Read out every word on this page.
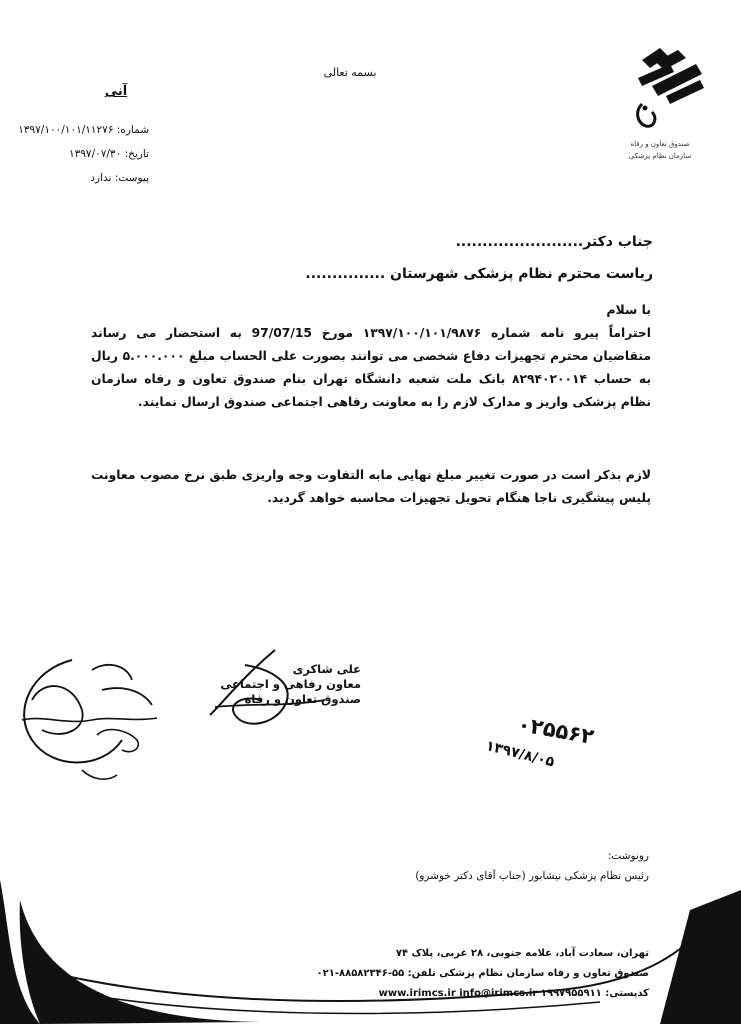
بسمه تعالی
صندوق تعاون و رفاه
سازمان نظام پزشکی
آنی
شماره: ۱۳۹۷/۱۰۰/۱۰۱/۱۱۲۷۶
تاریخ: ۱۳۹۷/۰۷/۳۰
پیوست: ندارد
جناب دکتر........................
ریاست محترم نظام پزشکی شهرستان ...............
با سلام
احتراماً پیرو نامه شماره ۱۳۹۷/۱۰۰/۱۰۱/۹۸۷۶ مورخ 97/07/15 به استحضار می رساند متقاضیان محترم تجهیزات دفاع شخصی می توانند بصورت علی الحساب مبلغ ۵.۰۰۰.۰۰۰ ریال به حساب ۸۲۹۴۰۲۰۰۱۴ بانک ملت شعبه دانشگاه تهران بنام صندوق تعاون و رفاه سازمان نظام پزشکی واریز و مدارک لازم را به معاونت رفاهی اجتماعی صندوق ارسال نمایند.
لازم بذکر است در صورت تغییر مبلغ نهایی مابه التفاوت وجه واریزی طبق نرخ مصوب معاونت پلیس پیشگیری ناجا هنگام تحویل تجهیزات محاسبه خواهد گردید.
علی شاکری
معاون رفاهی و اجتماعی
صندوق تعاون و رفاه
۰۲۵۵۶۲
۱۳۹۷/۸/۰۵
رونوشت:
رئیس نظام پزشکی نیشابور (جناب آقای دکتر خوشرو)
تهران، سعادت آباد، علامه جنوبی، ۲۸ غربی، پلاک ۷۴
صندوق تعاون و رفاه سازمان نظام پزشکی تلفن: ۵۵-۸۸۵۸۲۳۴۶-۰۲۱
کدپستی: ۱۹۹۷۹۵۵۹۱۱ www.irimcs.ir info@irimcs.ir
